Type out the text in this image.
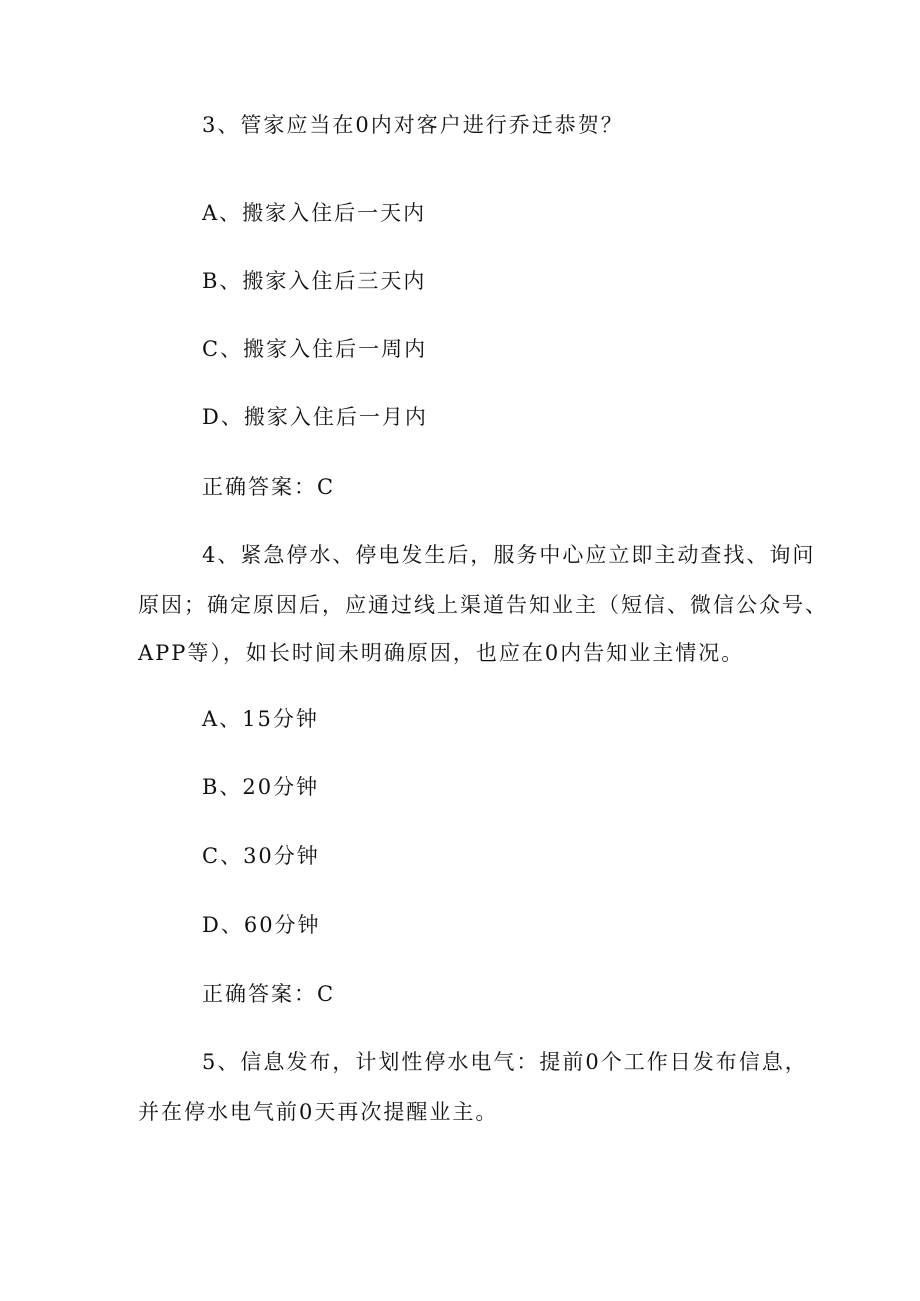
3、管家应当在0内对客户进行乔迁恭贺？
A、搬家入住后一天内
B、搬家入住后三天内
C、搬家入住后一周内
D、搬家入住后一月内
正确答案：C
4、紧急停水、停电发生后，服务中心应立即主动查找、询问
原因；确定原因后，应通过线上渠道告知业主（短信、微信公众号、
APP等），如长时间未明确原因，也应在0内告知业主情况。
A、15分钟
B、20分钟
C、30分钟
D、60分钟
正确答案：C
5、信息发布，计划性停水电气：提前0个工作日发布信息，
并在停水电气前0天再次提醒业主。
